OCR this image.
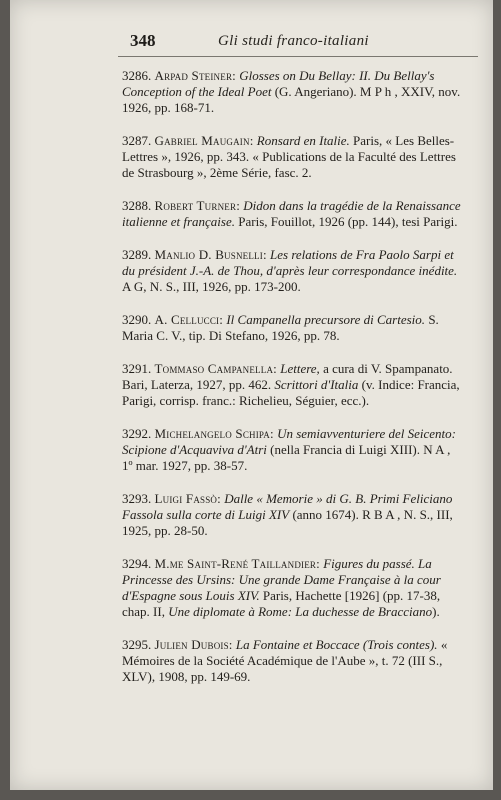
348	Gli studi franco-italiani
3286. Arpad Steiner: Glosses on Du Bellay: II. Du Bellay's Conception of the Ideal Poet (G. Angeriano). M P h , XXIV, nov. 1926, pp. 168-71.
3287. Gabriel Maugain: Ronsard en Italie. Paris, « Les Belles-Lettres », 1926, pp. 343. « Publications de la Faculté des Lettres de Strasbourg », 2ème Série, fasc. 2.
3288. Robert Turner: Didon dans la tragédie de la Renaissance italienne et française. Paris, Fouillot, 1926 (pp. 144), tesi Parigi.
3289. Manlio D. Busnelli: Les relations de Fra Paolo Sarpi et du président J.-A. de Thou, d'après leur correspondance inédite. A G, N. S., III, 1926, pp. 173-200.
3290. A. Cellucci: Il Campanella precursore di Cartesio. S. Maria C. V., tip. Di Stefano, 1926, pp. 78.
3291. Tommaso Campanella: Lettere, a cura di V. Spampanato. Bari, Laterza, 1927, pp. 462. Scrittori d'Italia (v. Indice: Francia, Parigi, corrisp. franc.: Richelieu, Séguier, ecc.).
3292. Michelangelo Schipa: Un semiavventuriere del Seicento: Scipione d'Acquaviva d'Atri (nella Francia di Luigi XIII). N A , 1º mar. 1927, pp. 38-57.
3293. Luigi Fassò: Dalle « Memorie » di G. B. Primi Feliciano Fassola sulla corte di Luigi XIV (anno 1674). R B A , N. S., III, 1925, pp. 28-50.
3294. M.me Saint-René Taillandier: Figures du passé. La Princesse des Ursins: Une grande Dame Française à la cour d'Espagne sous Louis XIV. Paris, Hachette [1926] (pp. 17-38, chap. II, Une diplomate à Rome: La duchesse de Bracciano).
3295. Julien Dubois: La Fontaine et Boccace (Trois contes). « Mémoires de la Société Académique de l'Aube », t. 72 (III S., XLV), 1908, pp. 149-69.
